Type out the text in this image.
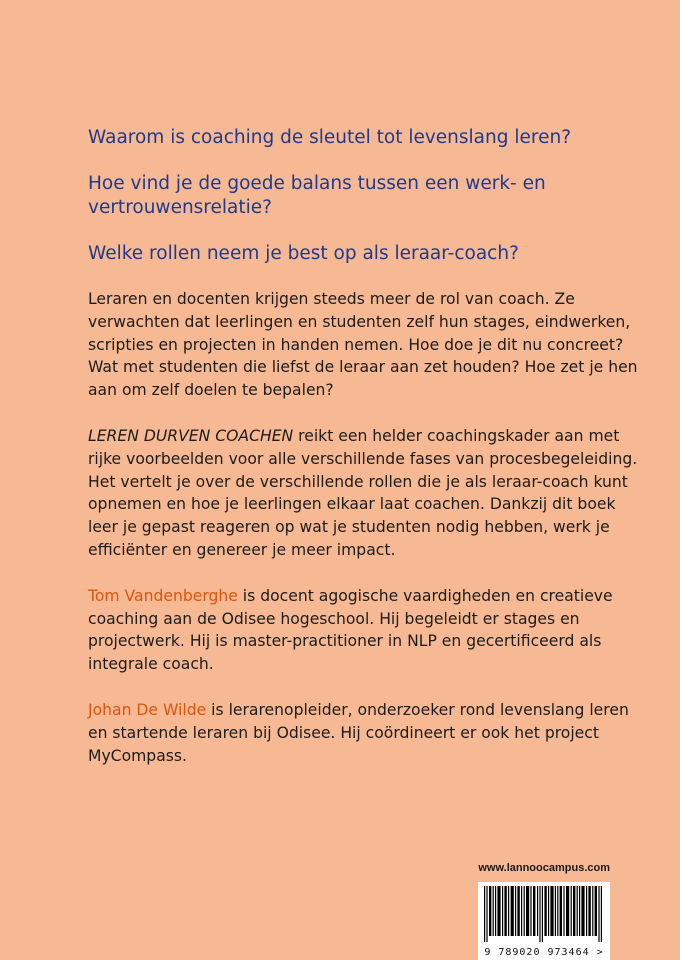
Waarom is coaching de sleutel tot levenslang leren?

Hoe vind je de goede balans tussen een werk- en vertrouwensrelatie?

Welke rollen neem je best op als leraar-coach?

Leraren en docenten krijgen steeds meer de rol van coach. Ze verwachten dat leerlingen en studenten zelf hun stages, eindwerken, scripties en projecten in handen nemen. Hoe doe je dit nu concreet? Wat met studenten die liefst de leraar aan zet houden? Hoe zet je hen aan om zelf doelen te bepalen?

LEREN DURVEN COACHEN reikt een helder coachingskader aan met rijke voorbeelden voor alle verschillende fases van procesbegeleiding. Het vertelt je over de verschillende rollen die je als leraar-coach kunt opnemen en hoe je leerlingen elkaar laat coachen. Dankzij dit boek leer je gepast reageren op wat je studenten nodig hebben, werk je efficiënter en genereer je meer impact.

Tom Vandenberghe is docent agogische vaardigheden en creatieve coaching aan de Odisee hogeschool. Hij begeleidt er stages en projectwerk. Hij is master-practitioner in NLP en gecertificeerd als integrale coach.

Johan De Wilde is lerarenopleider, onderzoeker rond levenslang leren en startende leraren bij Odisee. Hij coördineert er ook het project MyCompass.

www.lannoocampus.com
9 789020 973464 >
